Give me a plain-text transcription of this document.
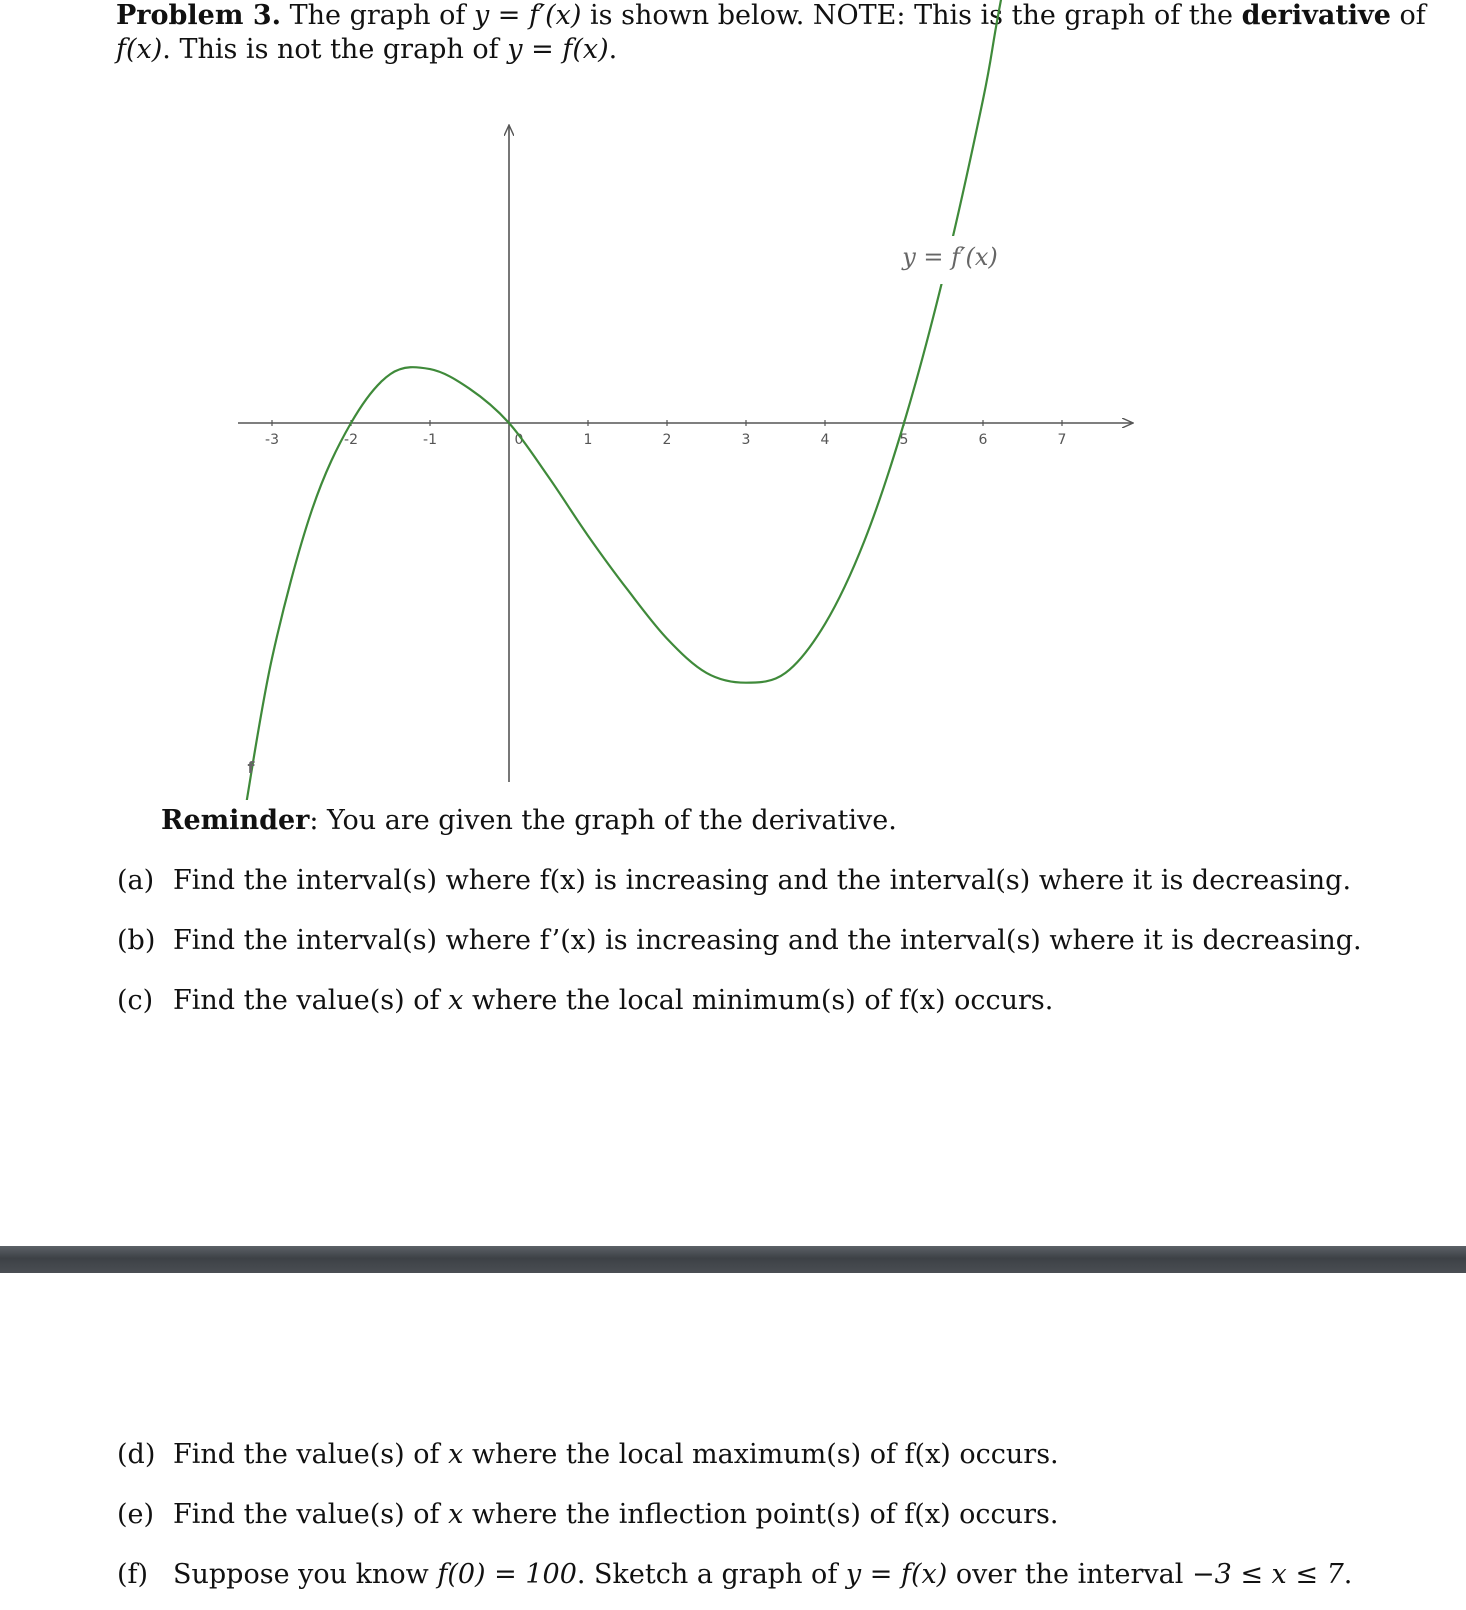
Problem 3. The graph of y = f′(x) is shown below. NOTE: This is the graph of the derivative of
f(x). This is not the graph of y = f(x).
-3	-2	-1	0	1	2	3	4	5	6	7
y = f′(x)
f
Reminder: You are given the graph of the derivative.
(a) Find the interval(s) where f(x) is increasing and the interval(s) where it is decreasing.
(b) Find the interval(s) where f’(x) is increasing and the interval(s) where it is decreasing.
(c) Find the value(s) of x where the local minimum(s) of f(x) occurs.
(d) Find the value(s) of x where the local maximum(s) of f(x) occurs.
(e) Find the value(s) of x where the inflection point(s) of f(x) occurs.
(f) Suppose you know f(0) = 100. Sketch a graph of y = f(x) over the interval −3 ≤ x ≤ 7.
